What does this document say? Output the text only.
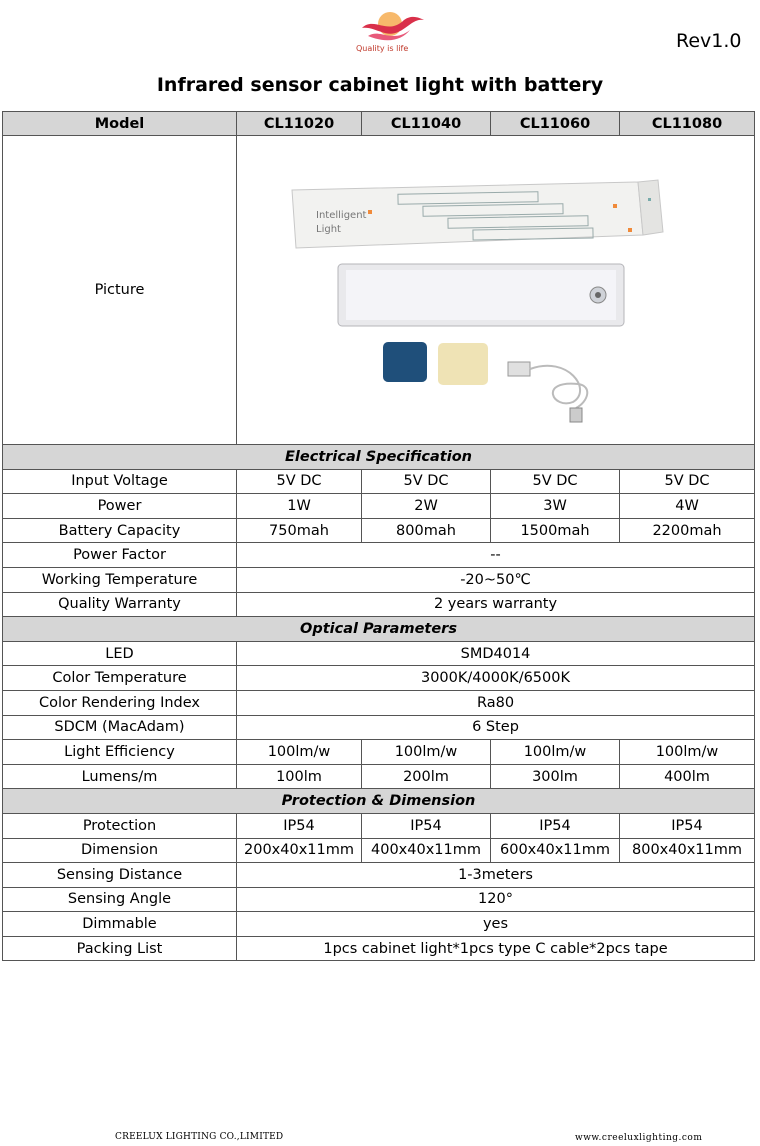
Quality is life	Rev1.0
Infrared sensor cabinet light with battery
Model	CL11020	CL11040	CL11060	CL11080
Picture	Intelligent
Light			

Electrical Specification				
Input Voltage	5V DC	5V DC	5V DC	5V DC
Power	1W	2W	3W	4W
Battery Capacity	750mah	800mah	1500mah	2200mah
Power Factor	--			
Working Temperature	-20~50℃			
Quality Warranty	2 years warranty			
Optical Parameters				
LED	SMD4014			
Color Temperature	3000K/4000K/6500K			
Color Rendering Index	Ra80			
SDCM (MacAdam)	6 Step			
Light Efficiency	100lm/w	100lm/w	100lm/w	100lm/w
Lumens/m	100lm	200lm	300lm	400lm
Protection & Dimension				
Protection	IP54	IP54	IP54	IP54
Dimension	200x40x11mm	400x40x11mm	600x40x11mm	800x40x11mm
Sensing Distance	1-3meters			
Sensing Angle	120°			
Dimmable	yes			
Packing List	1pcs cabinet light*1pcs type C cable*2pcs tape			
CREELUX LIGHTING CO.,LIMITED	www.creeluxlighting.com
